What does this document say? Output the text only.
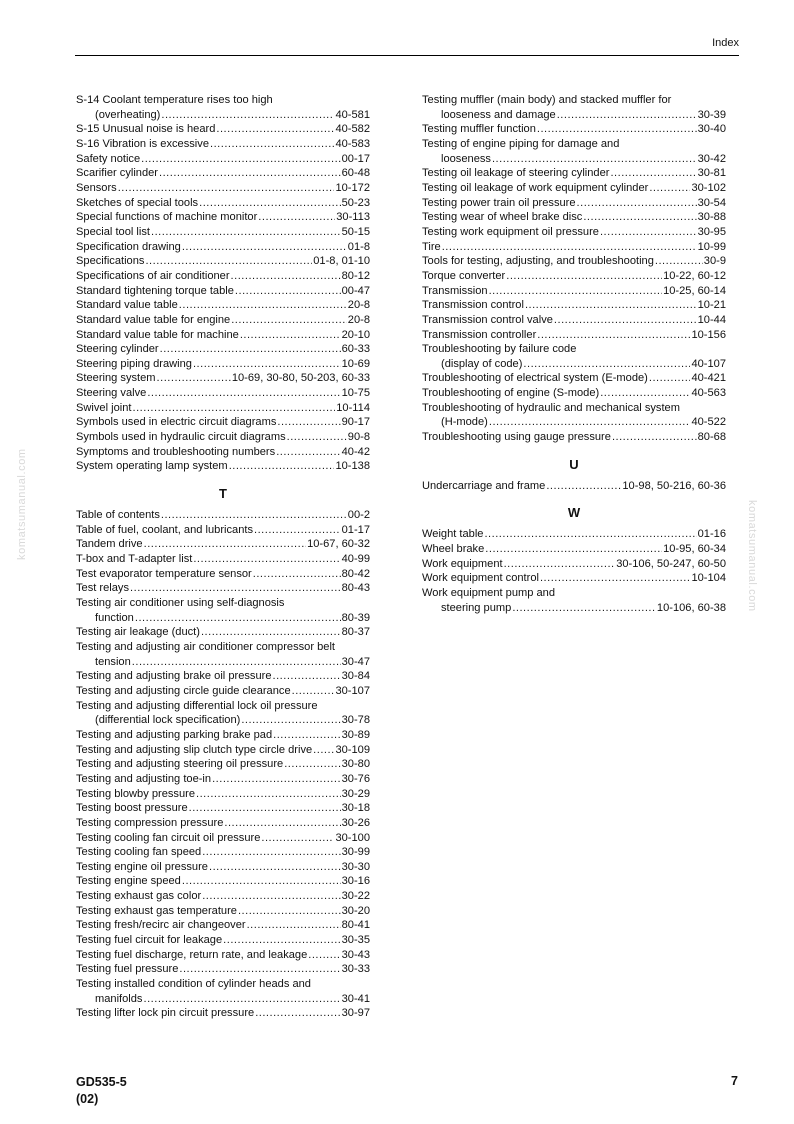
Index
komatsumanual.com	komatsumanual.com
S-14 Coolant temperature rises too high
(overheating) .....	40-581
S-15 Unusual noise is heard .....	40-582
S-16 Vibration is excessive .....	40-583
Safety notice .....	00-17
Scarifier cylinder .....	60-48
Sensors .....	10-172
Sketches of special tools .....	50-23
Special functions of machine monitor .....	30-113
Special tool list .....	50-15
Specification drawing .....	01-8
Specifications .....	01-8, 01-10
Specifications of air conditioner .....	80-12
Standard tightening torque table .....	00-47
Standard value table .....	20-8
Standard value table for engine .....	20-8
Standard value table for machine .....	20-10
Steering cylinder .....	60-33
Steering piping drawing .....	10-69
Steering system .....	10-69, 30-80, 50-203, 60-33
Steering valve .....	10-75
Swivel joint .....	10-114
Symbols used in electric circuit diagrams .....	90-17
Symbols used in hydraulic circuit diagrams .....	90-8
Symptoms and troubleshooting numbers .....	40-42
System operating lamp system .....	10-138
T
Table of contents .....	00-2
Table of fuel, coolant, and lubricants .....	01-17
Tandem drive .....	10-67, 60-32
T-box and T-adapter list .....	40-99
Test evaporator temperature sensor .....	80-42
Test relays .....	80-43
Testing air conditioner using self-diagnosis
function .....	80-39
Testing air leakage (duct) .....	80-37
Testing and adjusting air conditioner compressor belt
tension .....	30-47
Testing and adjusting brake oil pressure .....	30-84
Testing and adjusting circle guide clearance .....	30-107
Testing and adjusting differential lock oil pressure
(differential lock specification) .....	30-78
Testing and adjusting parking brake pad .....	30-89
Testing and adjusting slip clutch type circle drive ..... 30-109
Testing and adjusting steering oil pressure .....	30-80
Testing and adjusting toe-in .....	30-76
Testing blowby pressure .....	30-29
Testing boost pressure .....	30-18
Testing compression pressure .....	30-26
Testing cooling fan circuit oil pressure .....	30-100
Testing cooling fan speed .....	30-99
Testing engine oil pressure .....	30-30
Testing engine speed .....	30-16
Testing exhaust gas color .....	30-22
Testing exhaust gas temperature .....	30-20
Testing fresh/recirc air changeover .....	80-41
Testing fuel circuit for leakage .....	30-35
Testing fuel discharge, return rate, and leakage .....	30-43
Testing fuel pressure .....	30-33
Testing installed condition of cylinder heads and
manifolds .....	30-41
Testing lifter lock pin circuit pressure .....	30-97
Testing muffler (main body) and stacked muffler for
looseness and damage .....	30-39
Testing muffler function .....	30-40
Testing of engine piping for damage and
looseness .....	30-42
Testing oil leakage of steering cylinder .....	30-81
Testing oil leakage of work equipment cylinder .....	30-102
Testing power train oil pressure .....	30-54
Testing wear of wheel brake disc .....	30-88
Testing work equipment oil pressure .....	30-95
Tire .....	10-99
Tools for testing, adjusting, and troubleshooting .....	30-9
Torque converter .....	10-22, 60-12
Transmission .....	10-25, 60-14
Transmission control .....	10-21
Transmission control valve .....	10-44
Transmission controller .....	10-156
Troubleshooting by failure code
(display of code) .....	40-107
Troubleshooting of electrical system (E-mode) .....	40-421
Troubleshooting of engine (S-mode) .....	40-563
Troubleshooting of hydraulic and mechanical system
(H-mode) .....	40-522
Troubleshooting using gauge pressure .....	80-68
U
Undercarriage and frame .....	10-98, 50-216, 60-36
W
Weight table .....	01-16
Wheel brake .....	10-95, 60-34
Work equipment .....	30-106, 50-247, 60-50
Work equipment control .....	10-104
Work equipment pump and
steering pump .....	10-106, 60-38
GD535-5
(02)
7
